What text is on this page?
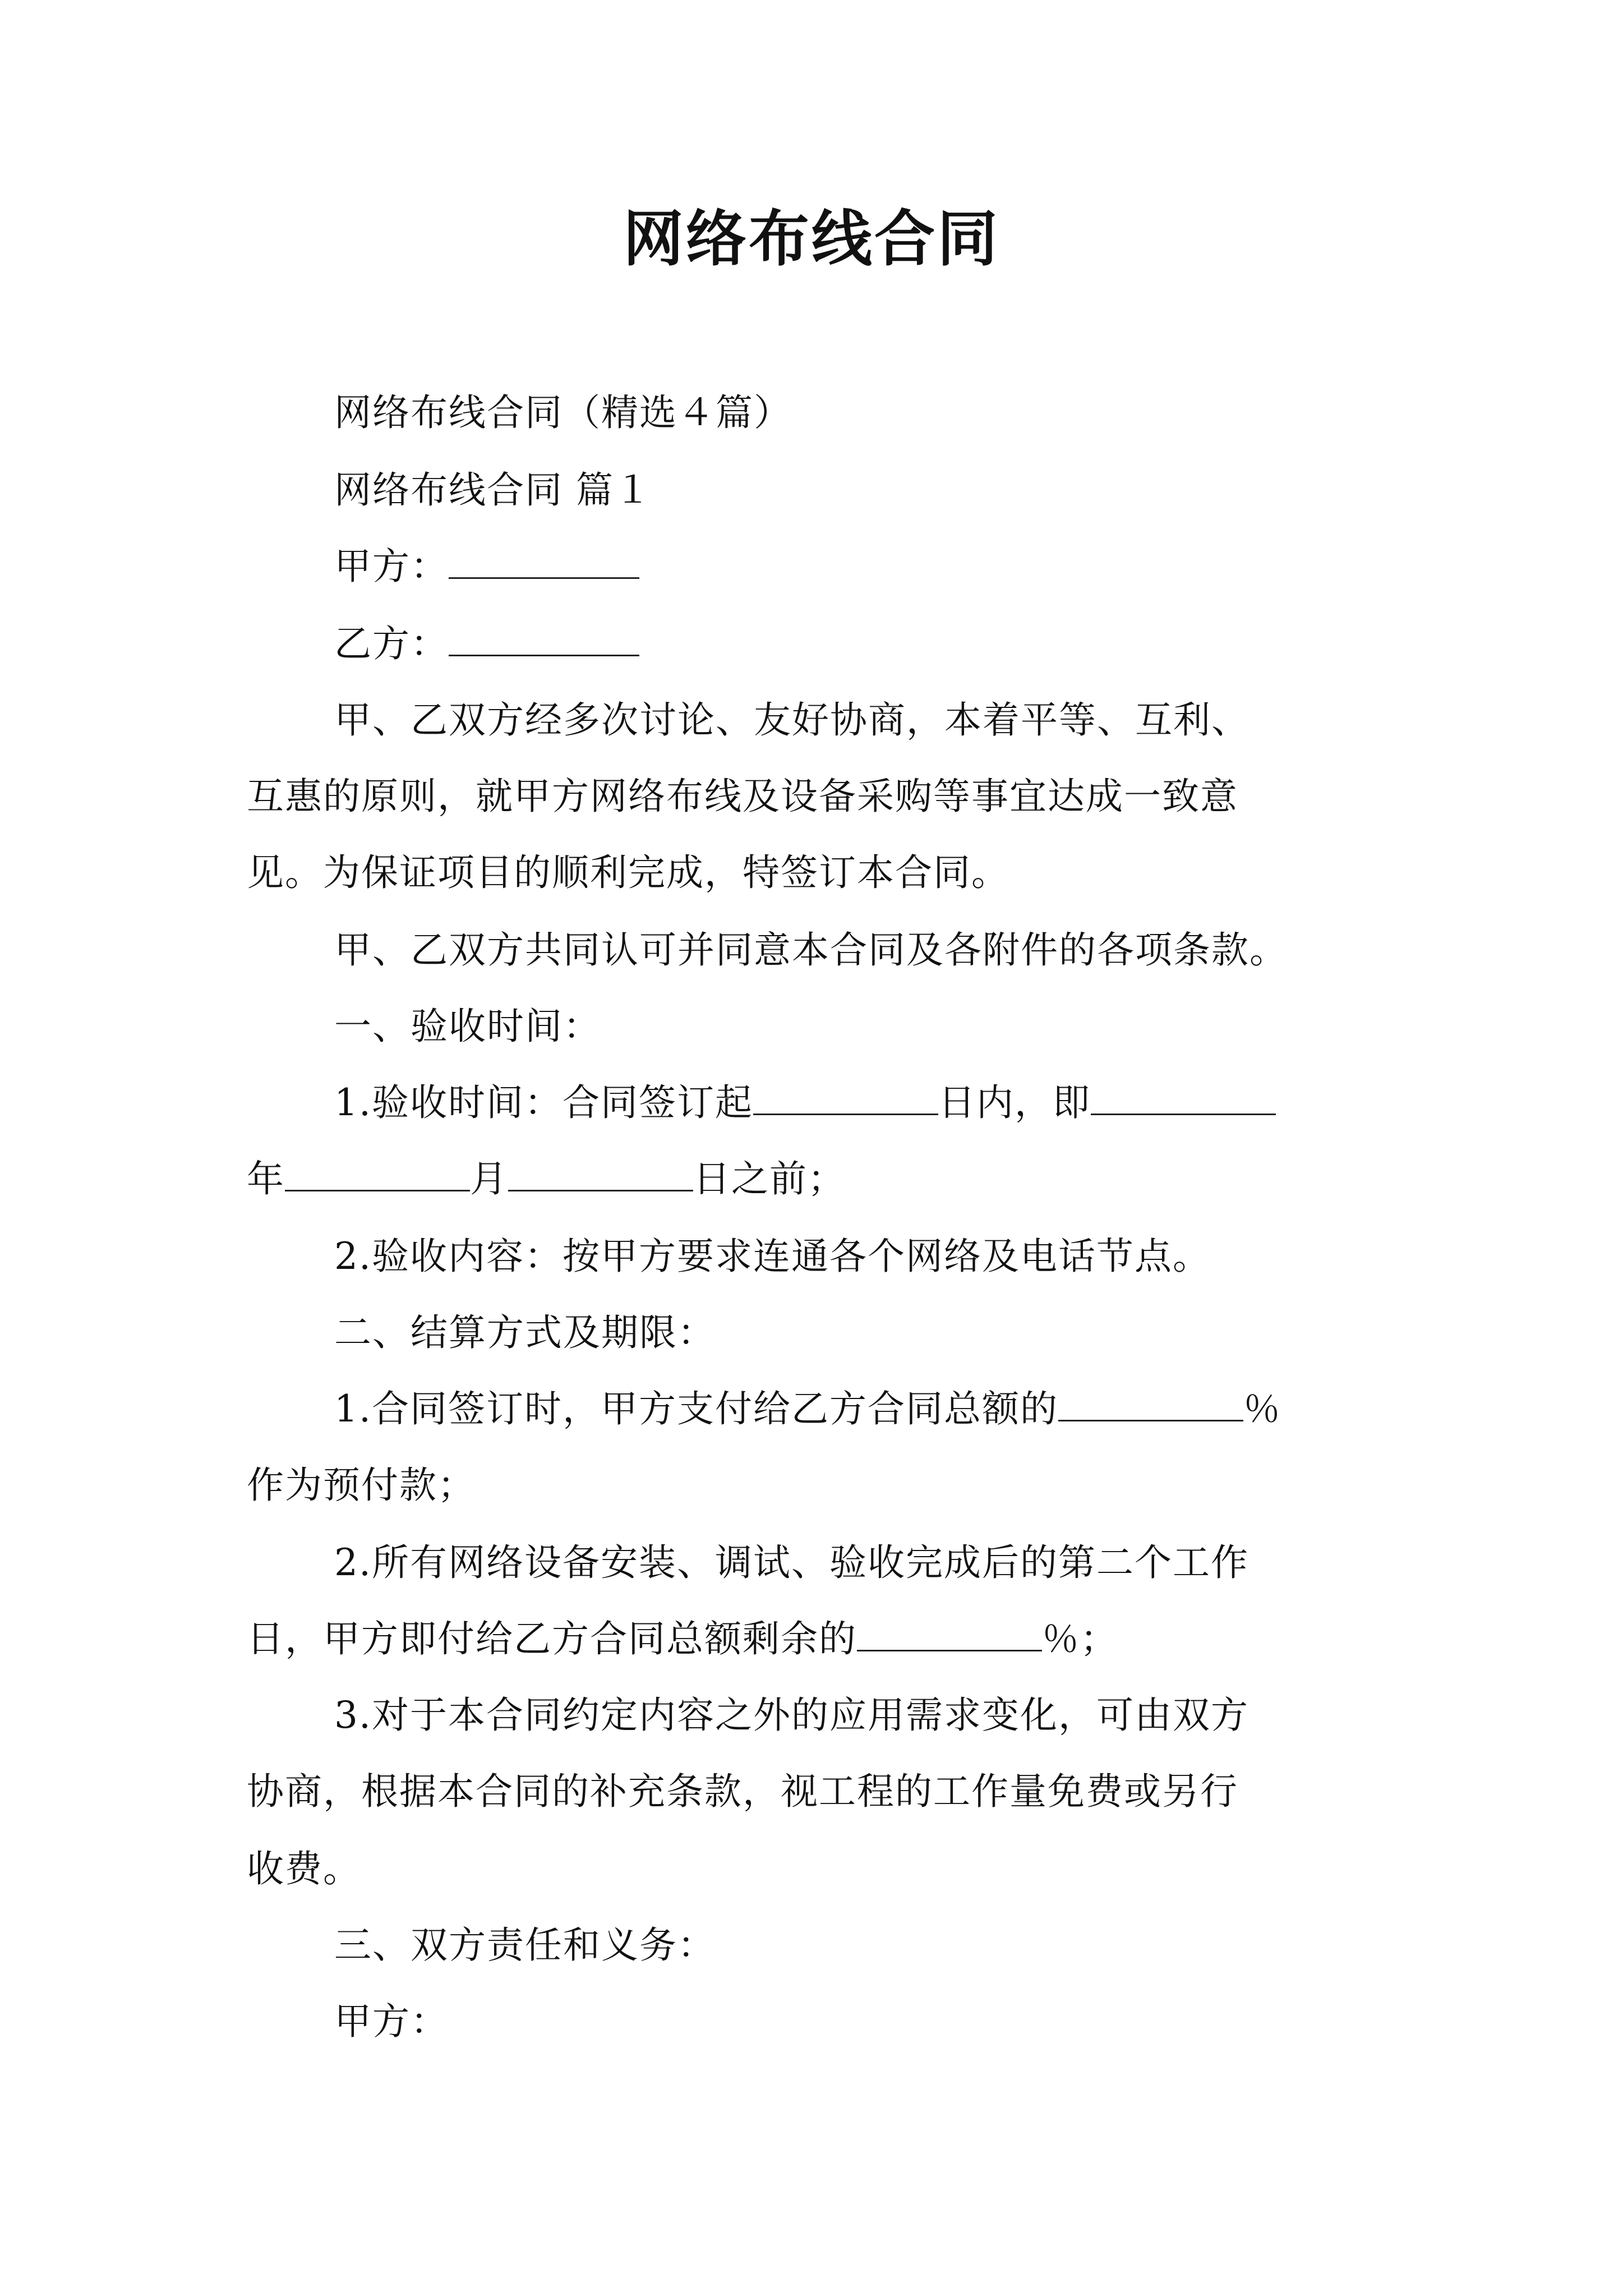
网络布线合同
网络布线合同（精选４篇）
网络布线合同 篇１
甲方：
乙方：
甲、乙双方经多次讨论、友好协商，本着平等、互利、
互惠的原则，就甲方网络布线及设备采购等事宜达成一致意
见。为保证项目的顺利完成，特签订本合同。
甲、乙双方共同认可并同意本合同及各附件的各项条款。
一、验收时间：
1.验收时间：合同签订起	日内，即
年	月	日之前；
2.验收内容：按甲方要求连通各个网络及电话节点。
二、结算方式及期限：
1.合同签订时，甲方支付给乙方合同总额的	％
作为预付款；
2.所有网络设备安装、调试、验收完成后的第二个工作
日，甲方即付给乙方合同总额剩余的	％；
3.对于本合同约定内容之外的应用需求变化，可由双方
协商，根据本合同的补充条款，视工程的工作量免费或另行
收费。
三、双方责任和义务：
甲方：
